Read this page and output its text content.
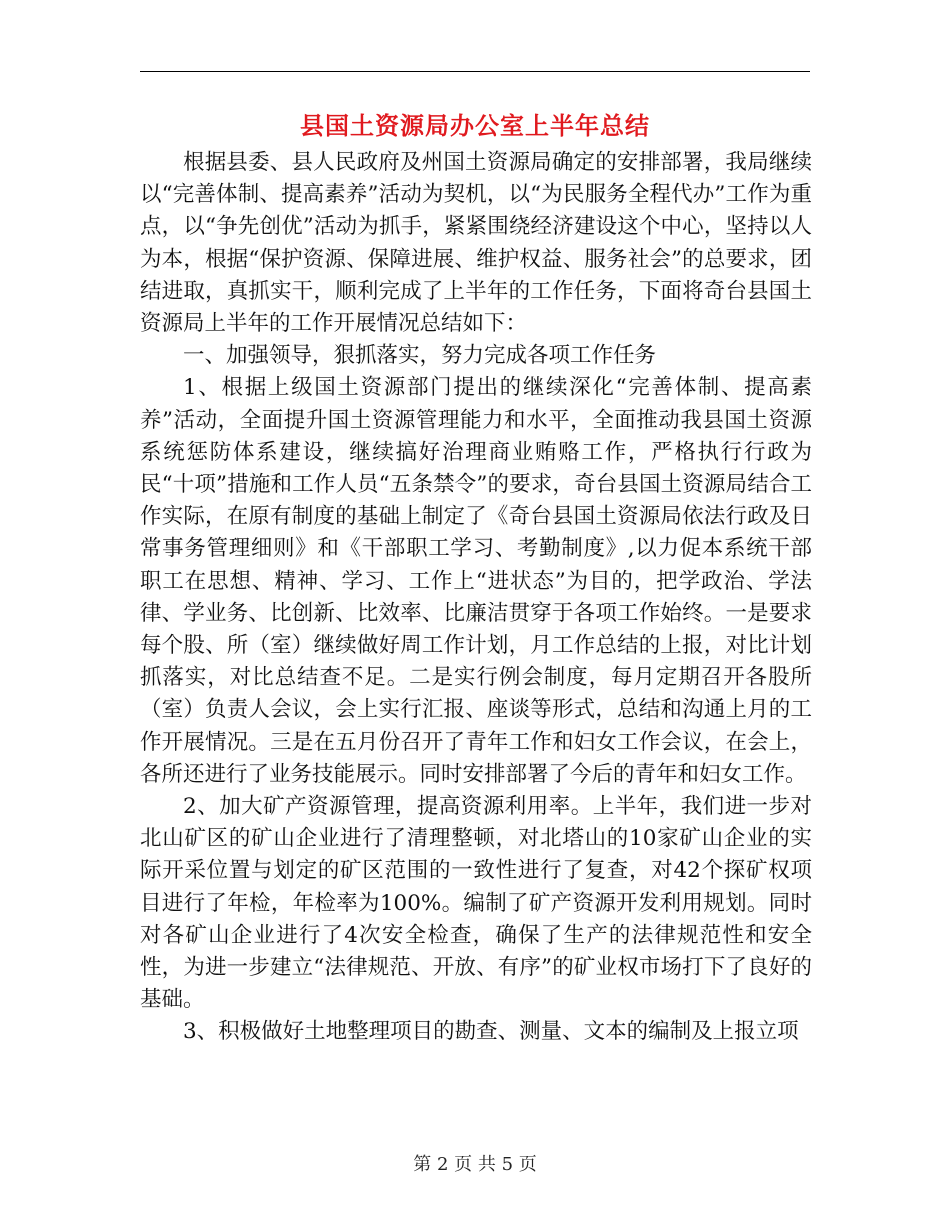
县国土资源局办公室上半年总结

根据县委、县人民政府及州国土资源局确定的安排部署，我局继续以“完善体制、提高素养”活动为契机，以“为民服务全程代办”工作为重点，以“争先创优”活动为抓手，紧紧围绕经济建设这个中心，坚持以人为本，根据“保护资源、保障进展、维护权益、服务社会”的总要求，团结进取，真抓实干，顺利完成了上半年的工作任务，下面将奇台县国土资源局上半年的工作开展情况总结如下：

一、加强领导，狠抓落实，努力完成各项工作任务

1、根据上级国土资源部门提出的继续深化“完善体制、提高素养”活动，全面提升国土资源管理能力和水平，全面推动我县国土资源系统惩防体系建设，继续搞好治理商业贿赂工作，严格执行行政为民“十项”措施和工作人员“五条禁令”的要求，奇台县国土资源局结合工作实际，在原有制度的基础上制定了《奇台县国土资源局依法行政及日常事务管理细则》和《干部职工学习、考勤制度》,以力促本系统干部职工在思想、精神、学习、工作上“进状态”为目的，把学政治、学法律、学业务、比创新、比效率、比廉洁贯穿于各项工作始终。一是要求每个股、所（室）继续做好周工作计划，月工作总结的上报，对比计划抓落实，对比总结查不足。二是实行例会制度，每月定期召开各股所（室）负责人会议，会上实行汇报、座谈等形式，总结和沟通上月的工作开展情况。三是在五月份召开了青年工作和妇女工作会议，在会上，各所还进行了业务技能展示。同时安排部署了今后的青年和妇女工作。

2、加大矿产资源管理，提高资源利用率。上半年，我们进一步对北山矿区的矿山企业进行了清理整顿，对北塔山的10家矿山企业的实际开采位置与划定的矿区范围的一致性进行了复查，对42个探矿权项目进行了年检，年检率为100%。编制了矿产资源开发利用规划。同时对各矿山企业进行了4次安全检查，确保了生产的法律规范性和安全性，为进一步建立“法律规范、开放、有序”的矿业权市场打下了良好的基础。

3、积极做好土地整理项目的勘查、测量、文本的编制及上报立项

第 2 页 共 5 页
